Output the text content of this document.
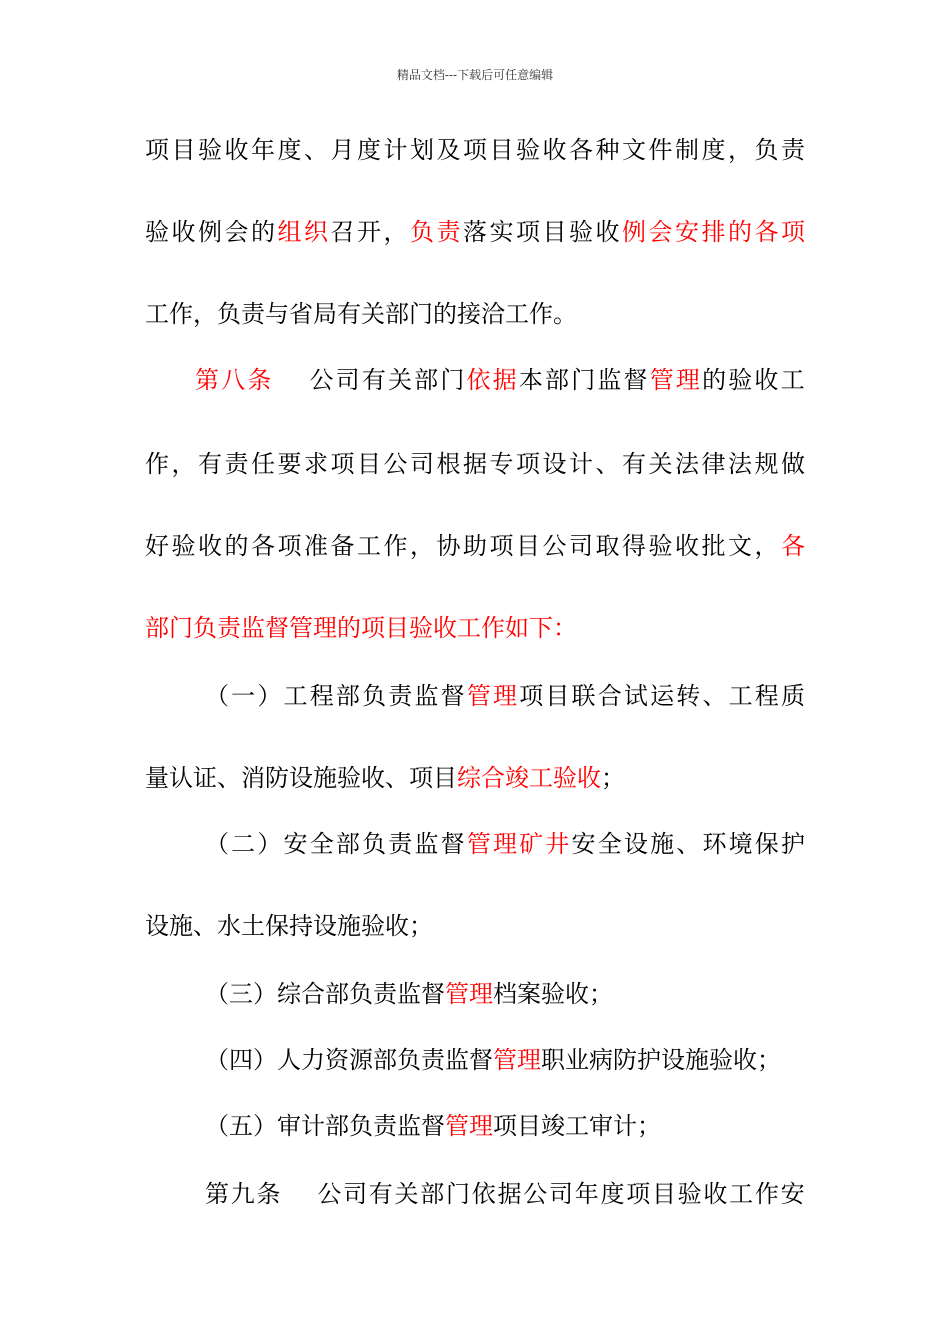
精品文档---下载后可任意编辑
项目验收年度、月度计划及项目验收各种文件制度，负责
验收例会的组织召开，负责落实项目验收例会安排的各项
工作，负责与省局有关部门的接洽工作。
第八条　 公司有关部门依据本部门监督管理的验收工
作，有责任要求项目公司根据专项设计、有关法律法规做
好验收的各项准备工作，协助项目公司取得验收批文，各
部门负责监督管理的项目验收工作如下：
（一）工程部负责监督管理项目联合试运转、工程质
量认证、消防设施验收、项目综合竣工验收；
（二）安全部负责监督管理矿井安全设施、环境保护
设施、水土保持设施验收；
（三）综合部负责监督管理档案验收；
（四）人力资源部负责监督管理职业病防护设施验收；
（五）审计部负责监督管理项目竣工审计；
第九条　 公司有关部门依据公司年度项目验收工作安
